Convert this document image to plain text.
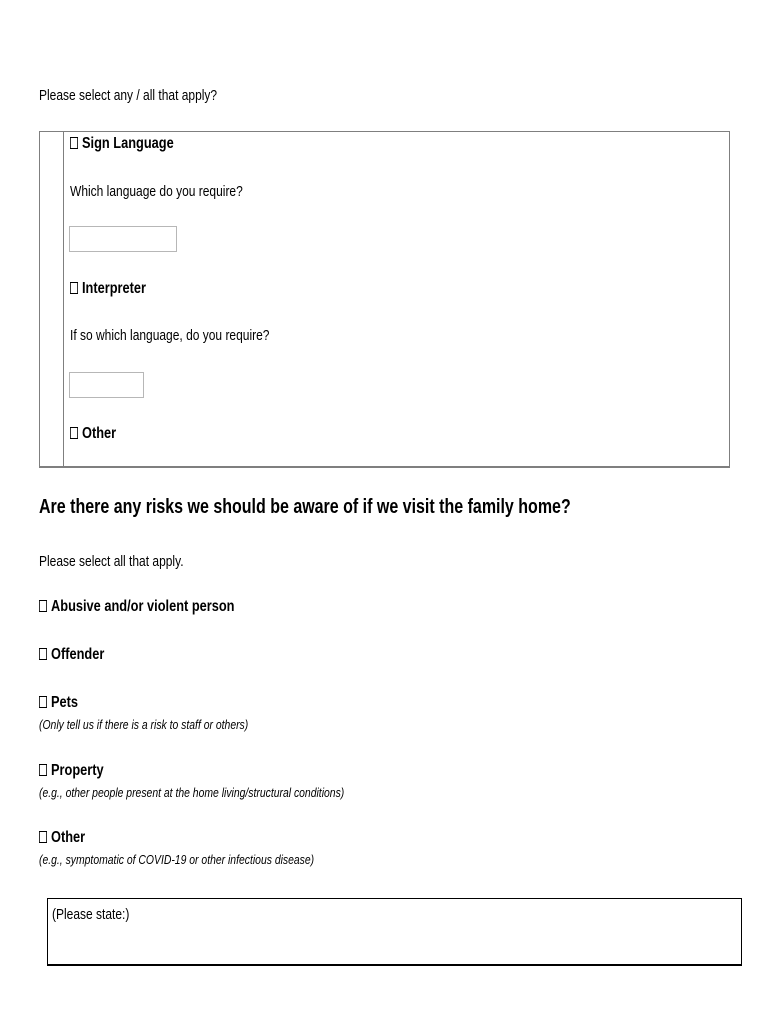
Please select any / all that apply?
Sign Language
Which language do you require?
Interpreter
If so which language, do you require?
Other
Are there any risks we should be aware of if we visit the family home?
Please select all that apply.
Abusive and/or violent person
Offender
Pets
(Only tell us if there is a risk to staff or others)
Property
(e.g., other people present at the home living/structural conditions)
Other
(e.g., symptomatic of COVID-19 or other infectious disease)
(Please state:)
